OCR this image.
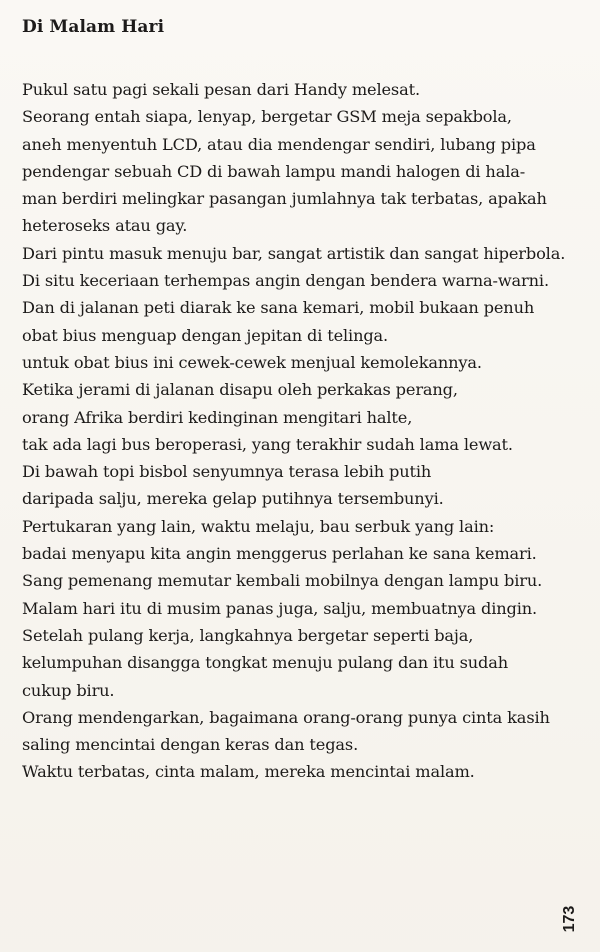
Di Malam Hari
Pukul satu pagi sekali pesan dari Handy melesat.
Seorang entah siapa, lenyap, bergetar GSM meja sepakbola,
aneh menyentuh LCD, atau dia mendengar sendiri, lubang pipa
pendengar sebuah CD di bawah lampu mandi halogen di hala-
man berdiri melingkar pasangan jumlahnya tak terbatas, apakah
heteroseks atau gay.
Dari pintu masuk menuju bar, sangat artistik dan sangat hiperbola.
Di situ keceriaan terhempas angin dengan bendera warna-warni.
Dan di jalanan peti diarak ke sana kemari, mobil bukaan penuh
obat bius menguap dengan jepitan di telinga.
untuk obat bius ini cewek-cewek menjual kemolekannya.
Ketika jerami di jalanan disapu oleh perkakas perang,
orang Afrika berdiri kedinginan mengitari halte,
tak ada lagi bus beroperasi, yang terakhir sudah lama lewat.
Di bawah topi bisbol senyumnya terasa lebih putih
daripada salju, mereka gelap putihnya tersembunyi.
Pertukaran yang lain, waktu melaju, bau serbuk yang lain:
badai menyapu kita angin menggerus perlahan ke sana kemari.
Sang pemenang memutar kembali mobilnya dengan lampu biru.
Malam hari itu di musim panas juga, salju, membuatnya dingin.
Setelah pulang kerja, langkahnya bergetar seperti baja,
kelumpuhan disangga tongkat menuju pulang dan itu sudah
cukup biru.
Orang mendengarkan, bagaimana orang-orang punya cinta kasih
saling mencintai dengan keras dan tegas.
Waktu terbatas, cinta malam, mereka mencintai malam.
173
